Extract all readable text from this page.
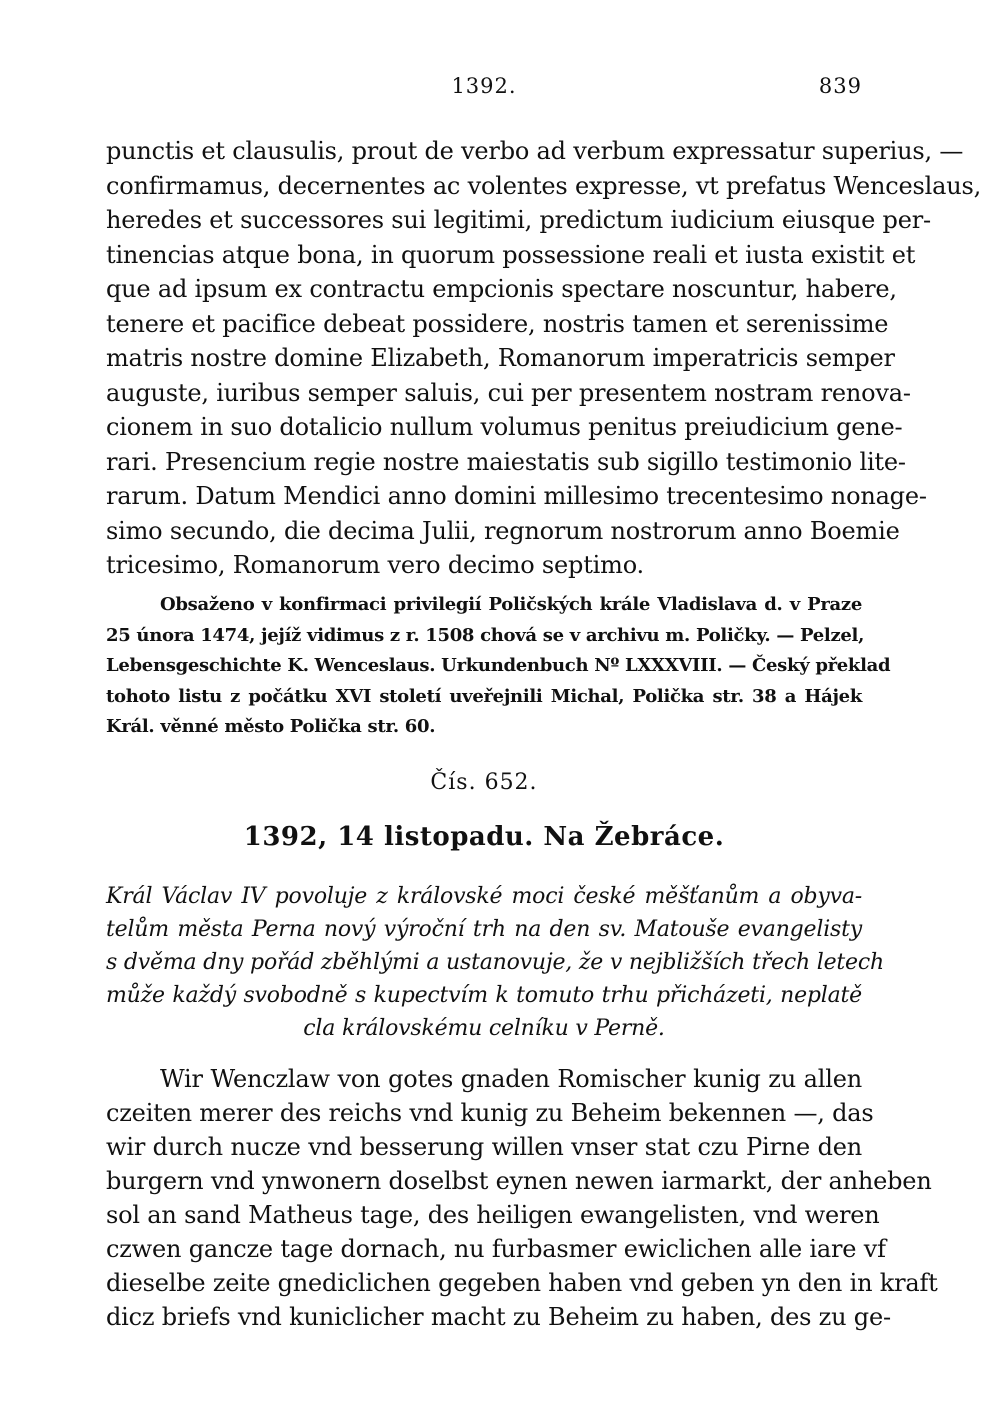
1392.	839
punctis et clausulis, prout de verbo ad verbum expressatur superius, —
confirmamus, decernentes ac volentes expresse, vt prefatus Wenceslaus,
heredes et successores sui legitimi, predictum iudicium eiusque per-
tinencias atque bona, in quorum possessione reali et iusta existit et
que ad ipsum ex contractu empcionis spectare noscuntur, habere,
tenere et pacifice debeat possidere, nostris tamen et serenissime
matris nostre domine Elizabeth, Romanorum imperatricis semper
auguste, iuribus semper saluis, cui per presentem nostram renova-
cionem in suo dotalicio nullum volumus penitus preiudicium gene-
rari. Presencium regie nostre maiestatis sub sigillo testimonio lite-
rarum. Datum Mendici anno domini millesimo trecentesimo nonage-
simo secundo, die decima Julii, regnorum nostrorum anno Boemie
tricesimo, Romanorum vero decimo septimo.
Obsaženo v konfirmaci privilegií Poličských krále Vladislava d. v Praze
25 února 1474, jejíž vidimus z r. 1508 chová se v archivu m. Poličky. — Pelzel,
Lebensgeschichte K. Wenceslaus. Urkundenbuch Nº LXXXVIII. — Český překlad
tohoto listu z počátku XVI století uveřejnili Michal, Polička str. 38 a Hájek
Král. věnné město Polička str. 60.
Čís. 652.
1392, 14 listopadu. Na Žebráce.
Král Václav IV povoluje z královské moci české měšťanům a obyva-
telům města Perna nový výroční trh na den sv. Matouše evangelisty
s dvěma dny pořád zběhlými a ustanovuje, že v nejbližších třech letech
může každý svobodně s kupectvím k tomuto trhu přicházeti, neplatě
cla královskému celníku v Perně.
Wir Wenczlaw von gotes gnaden Romischer kunig zu allen
czeiten merer des reichs vnd kunig zu Beheim bekennen —, das
wir durch nucze vnd besserung willen vnser stat czu Pirne den
burgern vnd ynwonern doselbst eynen newen iarmarkt, der anheben
sol an sand Matheus tage, des heiligen ewangelisten, vnd weren
czwen gancze tage dornach, nu furbasmer ewiclichen alle iare vf
dieselbe zeite gnediclichen gegeben haben vnd geben yn den in kraft
dicz briefs vnd kuniclicher macht zu Beheim zu haben, des zu ge-
